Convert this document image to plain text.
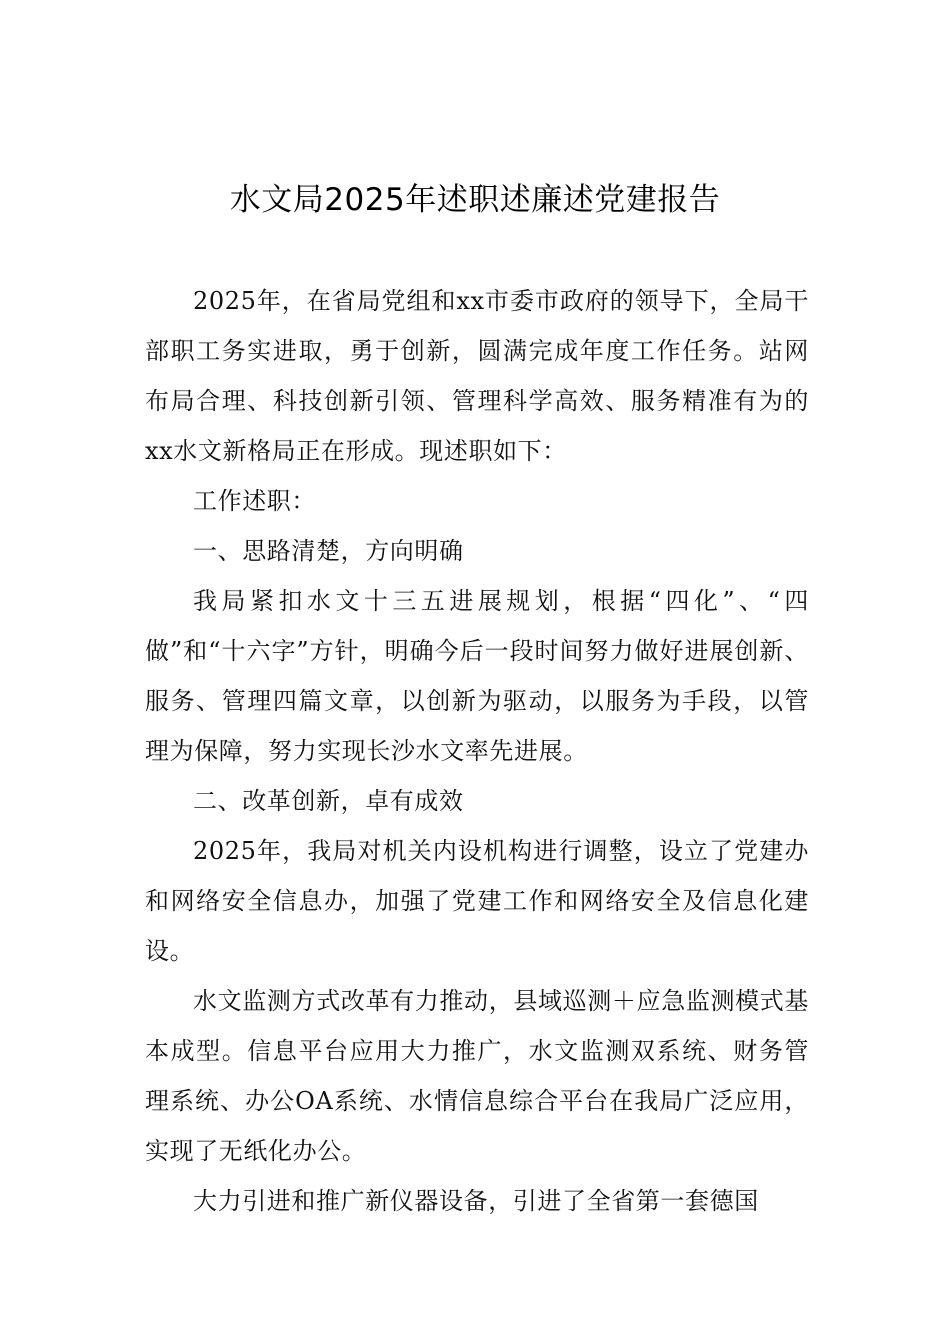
水文局2025年述职述廉述党建报告

2025年，在省局党组和xx市委市政府的领导下，全局干部职工务实进取，勇于创新，圆满完成年度工作任务。站网布局合理、科技创新引领、管理科学高效、服务精准有为的xx水文新格局正在形成。现述职如下：

工作述职：

一、思路清楚，方向明确

我局紧扣水文十三五进展规划，根据“四化”、“四做”和“十六字”方针，明确今后一段时间努力做好进展创新、服务、管理四篇文章，以创新为驱动，以服务为手段，以管理为保障，努力实现长沙水文率先进展。

二、改革创新，卓有成效

2025年，我局对机关内设机构进行调整，设立了党建办和网络安全信息办，加强了党建工作和网络安全及信息化建设。

水文监测方式改革有力推动，县域巡测＋应急监测模式基本成型。信息平台应用大力推广，水文监测双系统、财务管理系统、办公OA系统、水情信息综合平台在我局广泛应用，实现了无纸化办公。

大力引进和推广新仪器设备，引进了全省第一套德国
